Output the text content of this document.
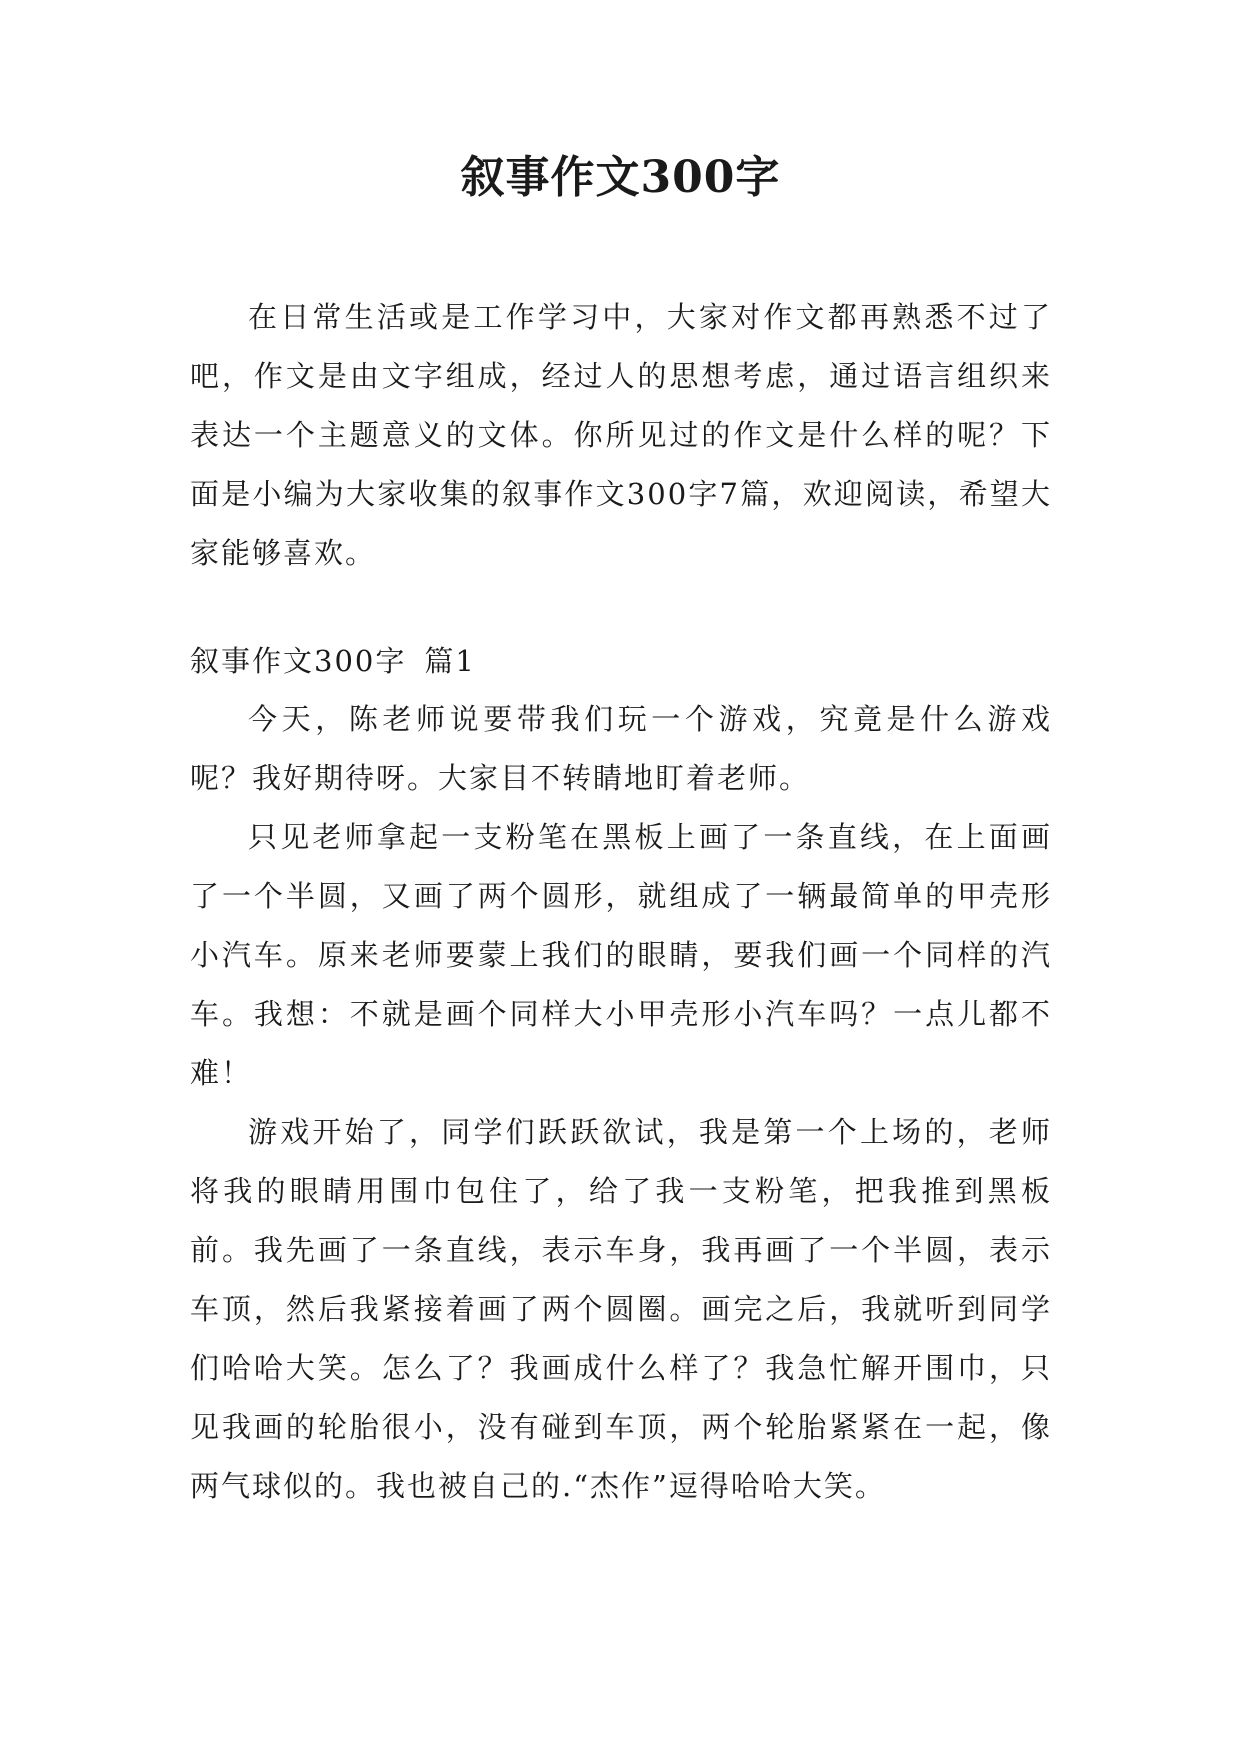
叙事作文300字

在日常生活或是工作学习中，大家对作文都再熟悉不过了吧，作文是由文字组成，经过人的思想考虑，通过语言组织来表达一个主题意义的文体。你所见过的作文是什么样的呢？下面是小编为大家收集的叙事作文300字7篇，欢迎阅读，希望大家能够喜欢。

叙事作文300字 篇1

今天，陈老师说要带我们玩一个游戏，究竟是什么游戏呢？我好期待呀。大家目不转睛地盯着老师。

只见老师拿起一支粉笔在黑板上画了一条直线，在上面画了一个半圆，又画了两个圆形，就组成了一辆最简单的甲壳形小汽车。原来老师要蒙上我们的眼睛，要我们画一个同样的汽车。我想：不就是画个同样大小甲壳形小汽车吗？一点儿都不难！

游戏开始了，同学们跃跃欲试，我是第一个上场的，老师将我的眼睛用围巾包住了，给了我一支粉笔，把我推到黑板前。我先画了一条直线，表示车身，我再画了一个半圆，表示车顶，然后我紧接着画了两个圆圈。画完之后，我就听到同学们哈哈大笑。怎么了？我画成什么样了？我急忙解开围巾，只见我画的轮胎很小，没有碰到车顶，两个轮胎紧紧在一起，像两气球似的。我也被自己的.“杰作”逗得哈哈大笑。
